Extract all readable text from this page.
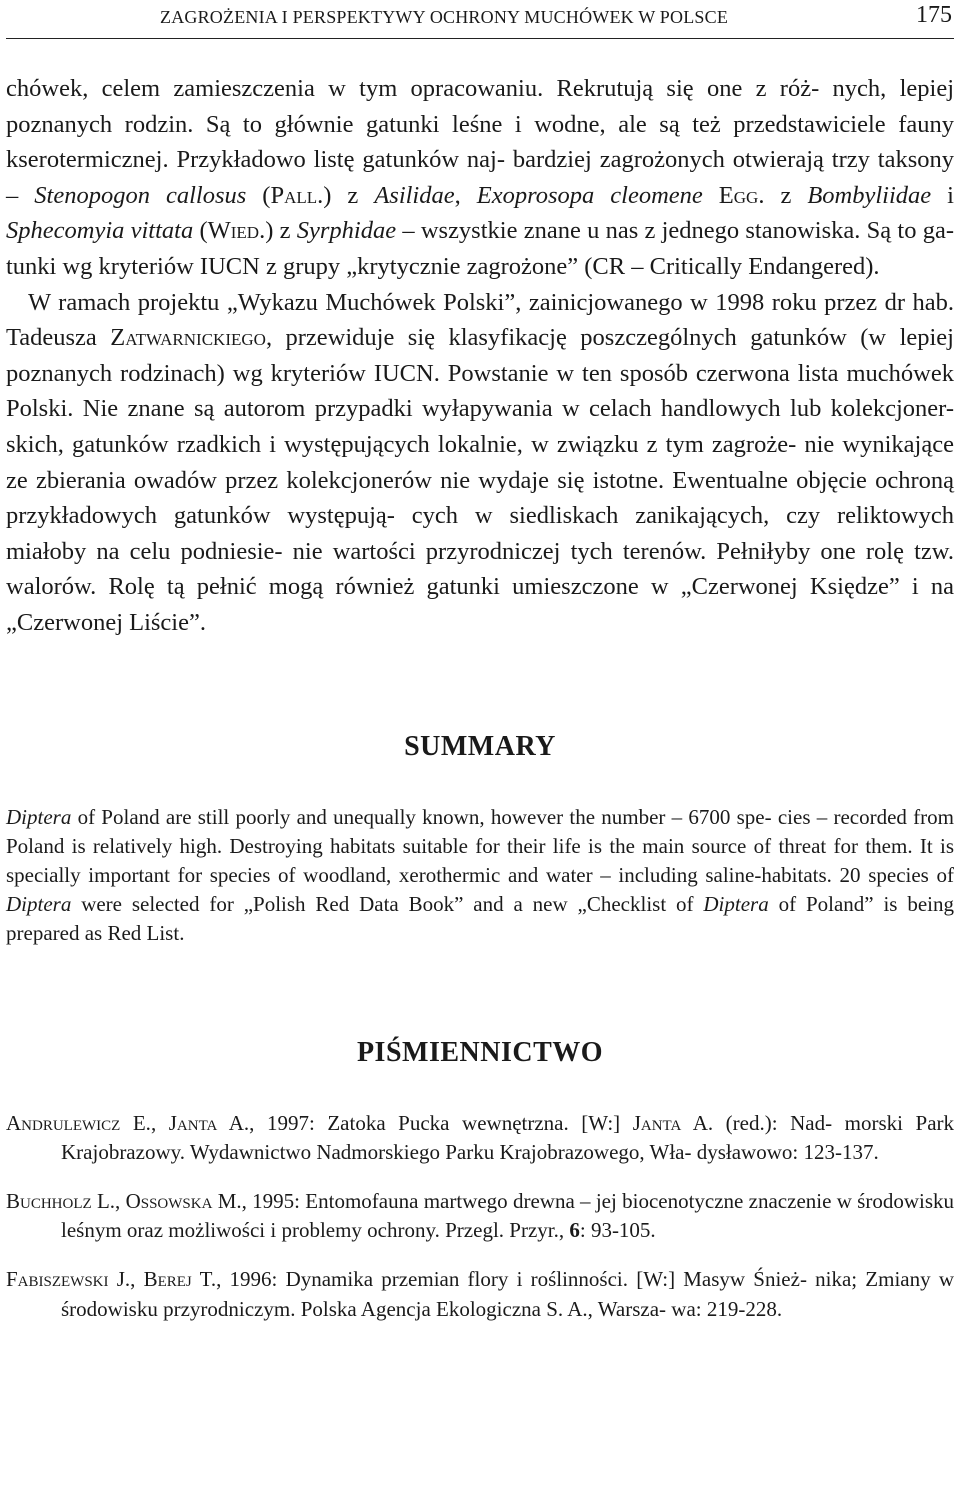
ZAGROŻENIA I PERSPEKTYWY OCHRONY MUCHÓWEK W POLSCE	175

chówek, celem zamieszczenia w tym opracowaniu. Rekrutują się one z róż- nych, lepiej poznanych rodzin. Są to głównie gatunki leśne i wodne, ale są też przedstawiciele fauny kserotermicznej. Przykładowo listę gatunków naj- bardziej zagrożonych otwierają trzy taksony – Stenopogon callosus (Pall.) z Asilidae, Exoprosopa cleomene Egg. z Bombyliidae i Sphecomyia vittata (Wied.) z Syrphidae – wszystkie znane u nas z jednego stanowiska. Są to ga- tunki wg kryteriów IUCN z grupy „krytycznie zagrożone” (CR – Critically Endangered).

W ramach projektu „Wykazu Muchówek Polski”, zainicjowanego w 1998 roku przez dr hab. Tadeusza Zatwarnickiego, przewiduje się klasyfikację poszczególnych gatunków (w lepiej poznanych rodzinach) wg kryteriów IUCN. Powstanie w ten sposób czerwona lista muchówek Polski. Nie znane są autorom przypadki wyłapywania w celach handlowych lub kolekcjoner- skich, gatunków rzadkich i występujących lokalnie, w związku z tym zagroże- nie wynikające ze zbierania owadów przez kolekcjonerów nie wydaje się istotne. Ewentualne objęcie ochroną przykładowych gatunków występują- cych w siedliskach zanikających, czy reliktowych miałoby na celu podniesie- nie wartości przyrodniczej tych terenów. Pełniłyby one rolę tzw. walorów. Rolę tą pełnić mogą również gatunki umieszczone w „Czerwonej Księdze” i na „Czerwonej Liście”.

SUMMARY

Diptera of Poland are still poorly and unequally known, however the number – 6700 spe- cies – recorded from Poland is relatively high. Destroying habitats suitable for their life is the main source of threat for them. It is specially important for species of woodland, xerothermic and water – including saline-habitats. 20 species of Diptera were selected for „Polish Red Data Book” and a new „Checklist of Diptera of Poland” is being prepared as Red List.

PIŚMIENNICTWO

Andrulewicz E., Janta A., 1997: Zatoka Pucka wewnętrzna. [W:] Janta A. (red.): Nad- morski Park Krajobrazowy. Wydawnictwo Nadmorskiego Parku Krajobrazowego, Wła- dysławowo: 123-137.

Buchholz L., Ossowska M., 1995: Entomofauna martwego drewna – jej biocenotyczne znaczenie w środowisku leśnym oraz możliwości i problemy ochrony. Przegl. Przyr., 6: 93-105.

Fabiszewski J., Berej T., 1996: Dynamika przemian flory i roślinności. [W:] Masyw Śnież- nika; Zmiany w środowisku przyrodniczym. Polska Agencja Ekologiczna S. A., Warsza- wa: 219-228.
